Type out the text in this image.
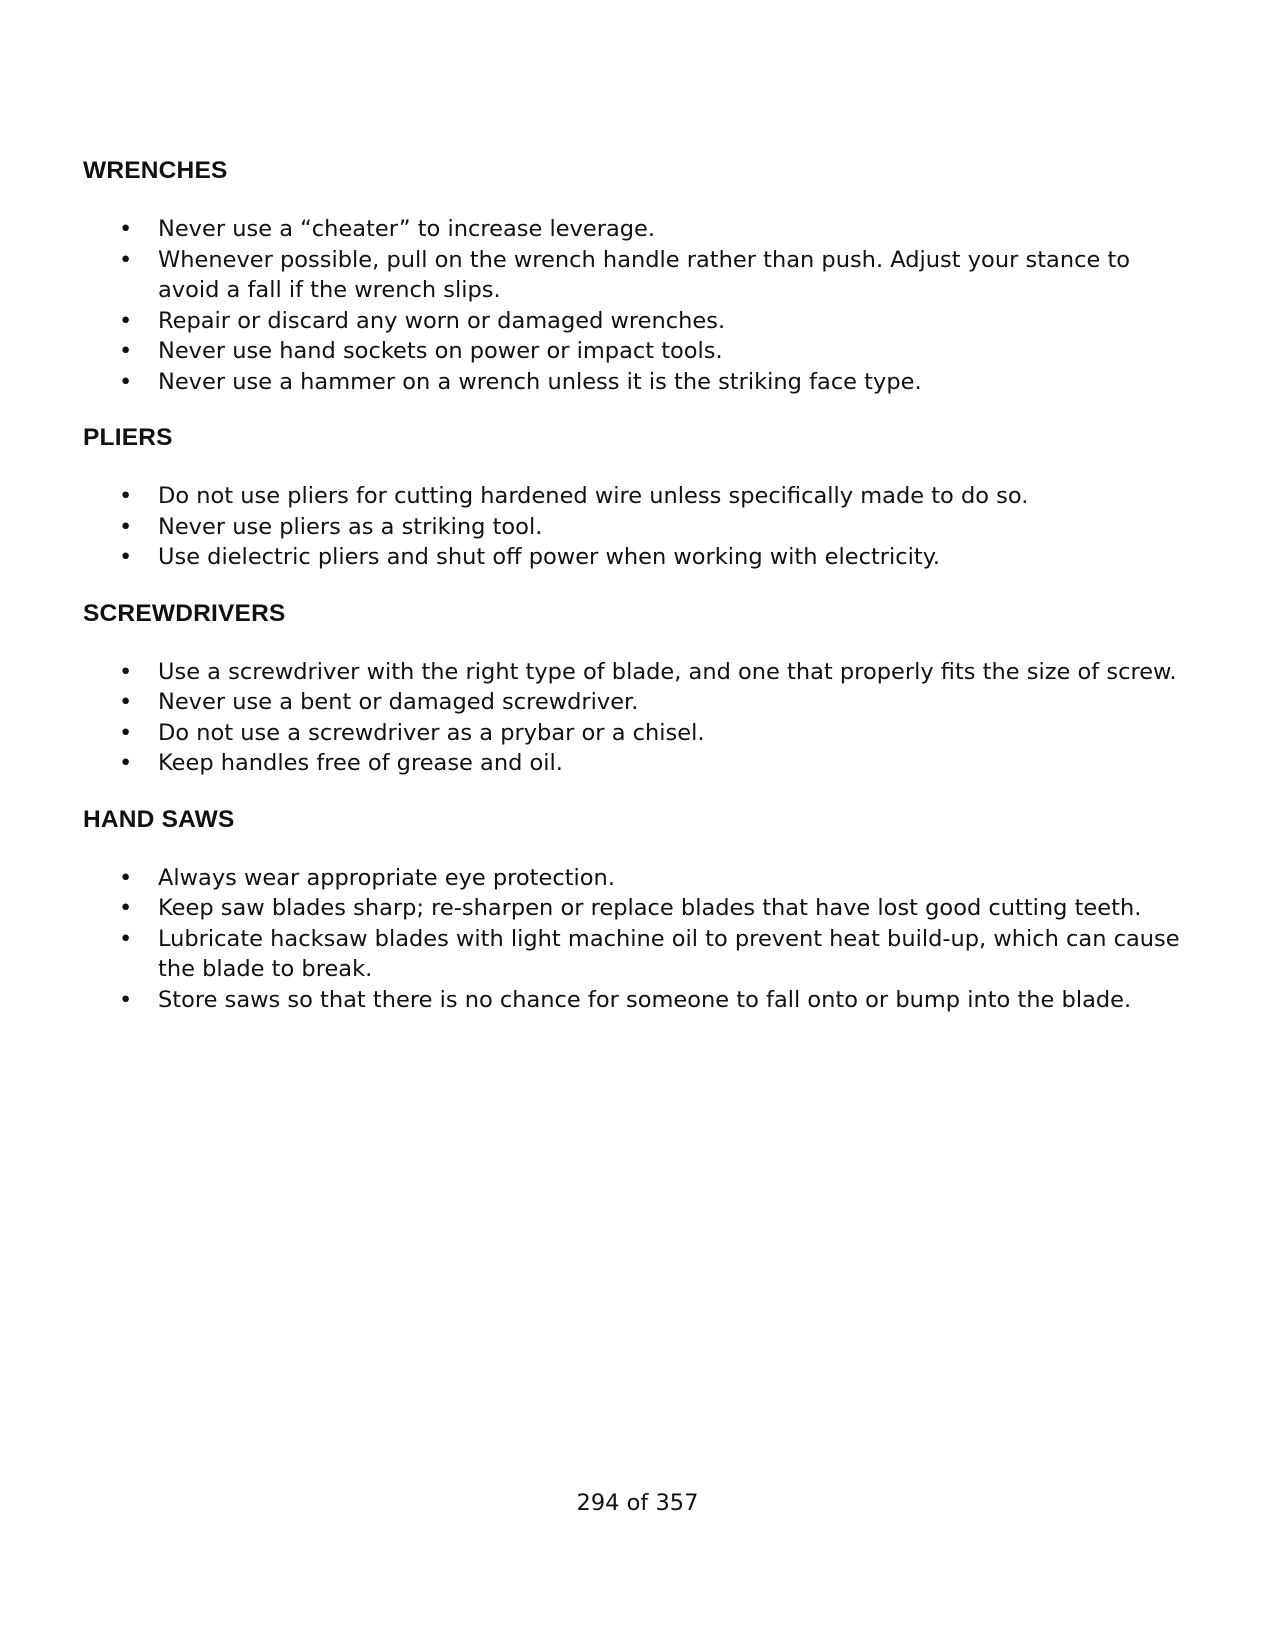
WRENCHES
• Never use a “cheater” to increase leverage.
• Whenever possible, pull on the wrench handle rather than push. Adjust your stance to avoid a fall if the wrench slips.
• Repair or discard any worn or damaged wrenches.
• Never use hand sockets on power or impact tools.
• Never use a hammer on a wrench unless it is the striking face type.
PLIERS
• Do not use pliers for cutting hardened wire unless specifically made to do so.
• Never use pliers as a striking tool.
• Use dielectric pliers and shut off power when working with electricity.
SCREWDRIVERS
• Use a screwdriver with the right type of blade, and one that properly fits the size of screw.
• Never use a bent or damaged screwdriver.
• Do not use a screwdriver as a prybar or a chisel.
• Keep handles free of grease and oil.
HAND SAWS
• Always wear appropriate eye protection.
• Keep saw blades sharp; re-sharpen or replace blades that have lost good cutting teeth.
• Lubricate hacksaw blades with light machine oil to prevent heat build-up, which can cause the blade to break.
• Store saws so that there is no chance for someone to fall onto or bump into the blade.
294 of 357
